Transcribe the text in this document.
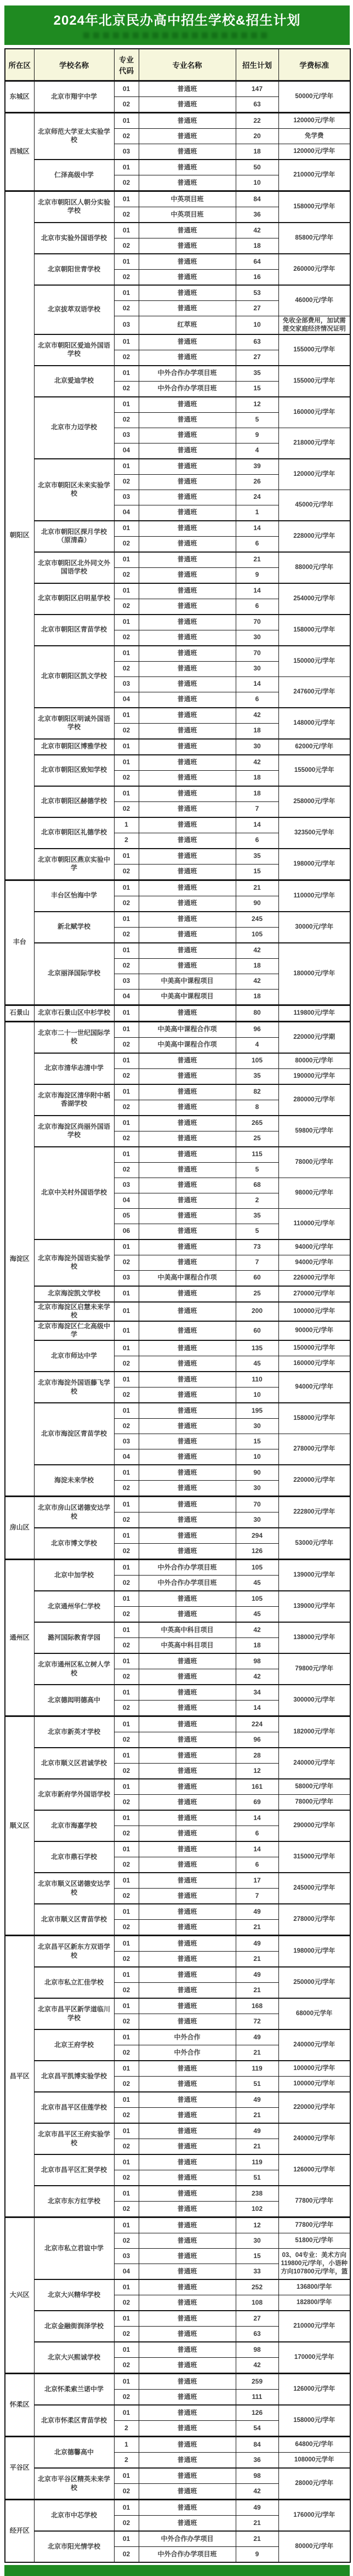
2024年北京民办高中招生学校&招生计划
所在区	学校名称	专业代码	专业名称	招生计划	学费标准
东城区	北京市翔宇中学	01	普通班	147	50000元/学年
		02	普通班	63	
西城区	北京师范大学亚太实验学校	01	普通班	22	120000元/学年
		02	普通班	20	免学费
		03	普通班	18	120000元/学年
	仁泽高级中学	01	普通班	50	210000元/学年
		02	普通班	10	
朝阳区	北京市朝阳区人朝分实验学校	01	中英项目班	84	158000元/学年
		02	中英项目班	36	
	北京市实验外国语学校	01	普通班	42	85800元/学年
		02	普通班	18	
	北京朝阳世青学校	01	普通班	64	260000元/学年
		02	普通班	16	
	北京拔萃双语学校	01	普通班	53	46000元/学年
		02	普通班	27	
		03	红萃班	10	免收全部费用，加试需提交家庭经济情况证明
	北京市朝阳区爱迪外国语学校	01	普通班	63	155000元/学年
		02	普通班	27	
	北京爱迪学校	01	中外合作办学项目班	35	155000元/学年
		02	中外合作办学项目班	15	
	北京市力迈学校	01	普通班	12	160000元/学年
		02	普通班	5	
		03	普通班	9	218000元/学年
		04	普通班	4	
	北京市朝阳区未来实验学校	01	普通班	39	120000元/学年
		02	普通班	26	
		03	普通班	24	45000元/学年
		04	普通班	1	
	北京市朝阳区探月学校（原清森）	01	普通班	14	228000元/学年
		02	普通班	6	
	北京市朝阳区北外同文外国语学校	01	普通班	21	88000元/学年
		02	普通班	9	
	北京市朝阳区启明星学校	01	普通班	14	254000元/学年
		02	普通班	6	
	北京市朝阳区青苗学校	01	普通班	70	158000元/学年
		02	普通班	30	
	北京市朝阳区凯文学校	01	普通班	70	150000元/学年
		02	普通班	30	
		03	普通班	14	247600元/学年
		04	普通班	6	
	北京市朝阳区明诚外国语学校	01	普通班	42	148000元/学年
		02	普通班	18	
	北京市朝阳区博雅学校	01	普通班	30	62000元/学年
	北京市朝阳区致知学校	01	普通班	42	155000元学年
		02	普通班	18	
	北京市朝阳区赫德学校	01	普通班	18	258000元/学年
		02	普通班	7	
	北京市朝阳区礼德学校	1	普通班	14	323500元学年
		2	普通班	6	
	北京市朝阳区燕京实验中学	01	普通班	35	198000元/学年
		02	普通班	15	
丰台	丰台区怡海中学	01	普通班	21	110000元/学年
		02	普通班	90	
	新北赋学校	01	普通班	245	30000元/学年
		02	普通班	105	
	北京丽泽国际学校	01	普通班	42	180000元/学年
		02	普通班	18	
		03	中美高中课程项目	42	
		04	中美高中课程项目	18	
石景山	北京市石景山区中杉学校	01	普通班	80	119800元/学年
海淀区	北京市二十一世纪国际学校	01	中美高中课程合作项	96	220000元/学期
		02	中美高中课程合作项	4	
	北京市清华志清中学	01	普通班	105	80000元/学年
		02	普通班	35	190000元/学年
	北京市海淀区清华附中稻香湖学校	01	普通班	82	280000元/学年
		02	普通班	8	
	北京市海淀区尚丽外国语学校	01	普通班	265	59800元/学年
		02	普通班	25	
	北京中关村外国语学校	01	普通班	115	78000元/学年
		02	普通班	5	
		03	普通班	68	98000元/学年
		04	普通班	2	
		05	普通班	35	110000元/学年
		06	普通班	5	
	北京市海淀外国语实验学校	01	普通班	73	94000元/学年
		02	普通班	7	94000元/学年
		03	中美高中课程合作项	60	226000元/学年
	北京海淀凯文学校	01	普通班	25	270000元/学年
	北京市海淀区启慧未来学校	01	普通班	200	100000元/学年
	北京市海淀区仁北高级中学	01	普通班	60	90000元/学年
	北京市师达中学	01	普通班	135	150000元/学年
		02	普通班	45	160000元/学年
	北京市海淀外国语藤飞学校	01	普通班	110	94000元/学年
		02	普通班	10	
	北京市海淀区青苗学校	01	普通班	195	158000元/学年
		02	普通班	30	
		03	普通班	15	278000元/学年
		04	普通班	10	
	海淀未来学校	01	普通班	90	220000元/学年
		02	普通班	30	
房山区	北京市房山区诺德安达学校	01	普通班	70	222800元/学年
		02	普通班	30	
	北京市博文学校	01	普通班	294	53000元/学年
		02	普通班	126	
通州区	北京中加学校	01	中外合作办学项目班	105	139000元/学年
		02	中外合作办学项目班	45	
	北京通州华仁学校	01	普通班	105	139000元/学年
		02	普通班	45	
	潞河国际教育学园	01	中英高中科目项目	42	138000元/学年
		02	中英高中科目项目	18	
	北京市通州区私立树人学校	01	普通班	98	79800元/学年
		02	普通班	42	
	北京德闳明德高中	01	普通班	34	300000元/学年
		02	普通班	14	
顺义区	北京市新英才学校	01	普通班	224	182000元/学年
		02	普通班	96	
	北京市顺义区君诚学校	01	普通班	28	240000元/学年
		02	普通班	12	
	北京市新府学外国语学校	01	普通班	161	58000元/学年
		02	普通班	69	78000元/学年
	北京市海嘉学校	01	普通班	14	290000元/学年
		02	普通班	6	
	北京市鼎石学校	01	普通班	14	315000元/学年
		02	普通班	6	
	北京市顺义区诺德安达学校	01	普通班	17	245000元/学年
		02	普通班	7	
	北京市顺义区青苗学校	01	普通班	49	278000元/学年
		02	普通班	21	
昌平区	北京昌平区新东方双语学校	01	普通班	49	198000元/学年
		02	普通班	21	
	北京市私立汇佳学校	01	普通班	49	250000元/学年
		02	普通班	21	
	北京市昌平区新学道临川学校	01	普通班	168	68000元学年
		02	普通班	72	
	北京王府学校	01	中外合作	49	240000元/学年
		02	中外合作	21	
	北京昌平凯博实验学校	01	普通班	119	100000元/学年
		02	普通班	51	100000元/学年
	北京市昌平区佳莲学校	01	普通班	49	220000元/学年
		02	普通班	21	
	北京市昌平区王府实验学校	01	普通班	49	240000元/学年
		02	普通班	21	
	北京市昌平区汇贤学校	01	普通班	119	126000元/学年
		02	普通班	51	
	北京市东方红学校	01	普通班	238	77800元/学年
		02	普通班	102	
大兴区	北京市私立君谊中学	01	普通班	12	77800元/学年
		02	普通班	30	51800元/学年
		03	普通班	15	03、04专业：美术方向119800元/学年，小语种方向107800元/学年，篮
		04	普通班	33	
	北京大兴精华学校	01	普通班	252	136800/学年
		02	普通班	108	182800/学年
	北京金融街润泽学校	01	普通班	27	210000元/学年
		02	普通班	63	
	北京大兴熙诚学校	01	普通班	98	170000元学年
		02	普通班	42	
怀柔区	北京怀柔索兰诺中学	01	普通班	259	126000元/学年
		02	普通班	111	
	北京市怀柔区青苗学校	01	普通班	126	158000元/学年
		2	普通班	54	
平谷区	北京德馨高中	1	普通班	84	64800元/学年
		2	普通班	36	108000元学年
	北京市平谷区精英未来学校	01	普通班	98	28000元/学年
		02	普通班	42	
经开区	北京市中芯学校	01	普通班	49	176000元/学年
		02	普通班	21	
	北京市阳光情学校	01	中外合作办学项目	21	80000元/学年
		02	中外合作办学项目班	9	
